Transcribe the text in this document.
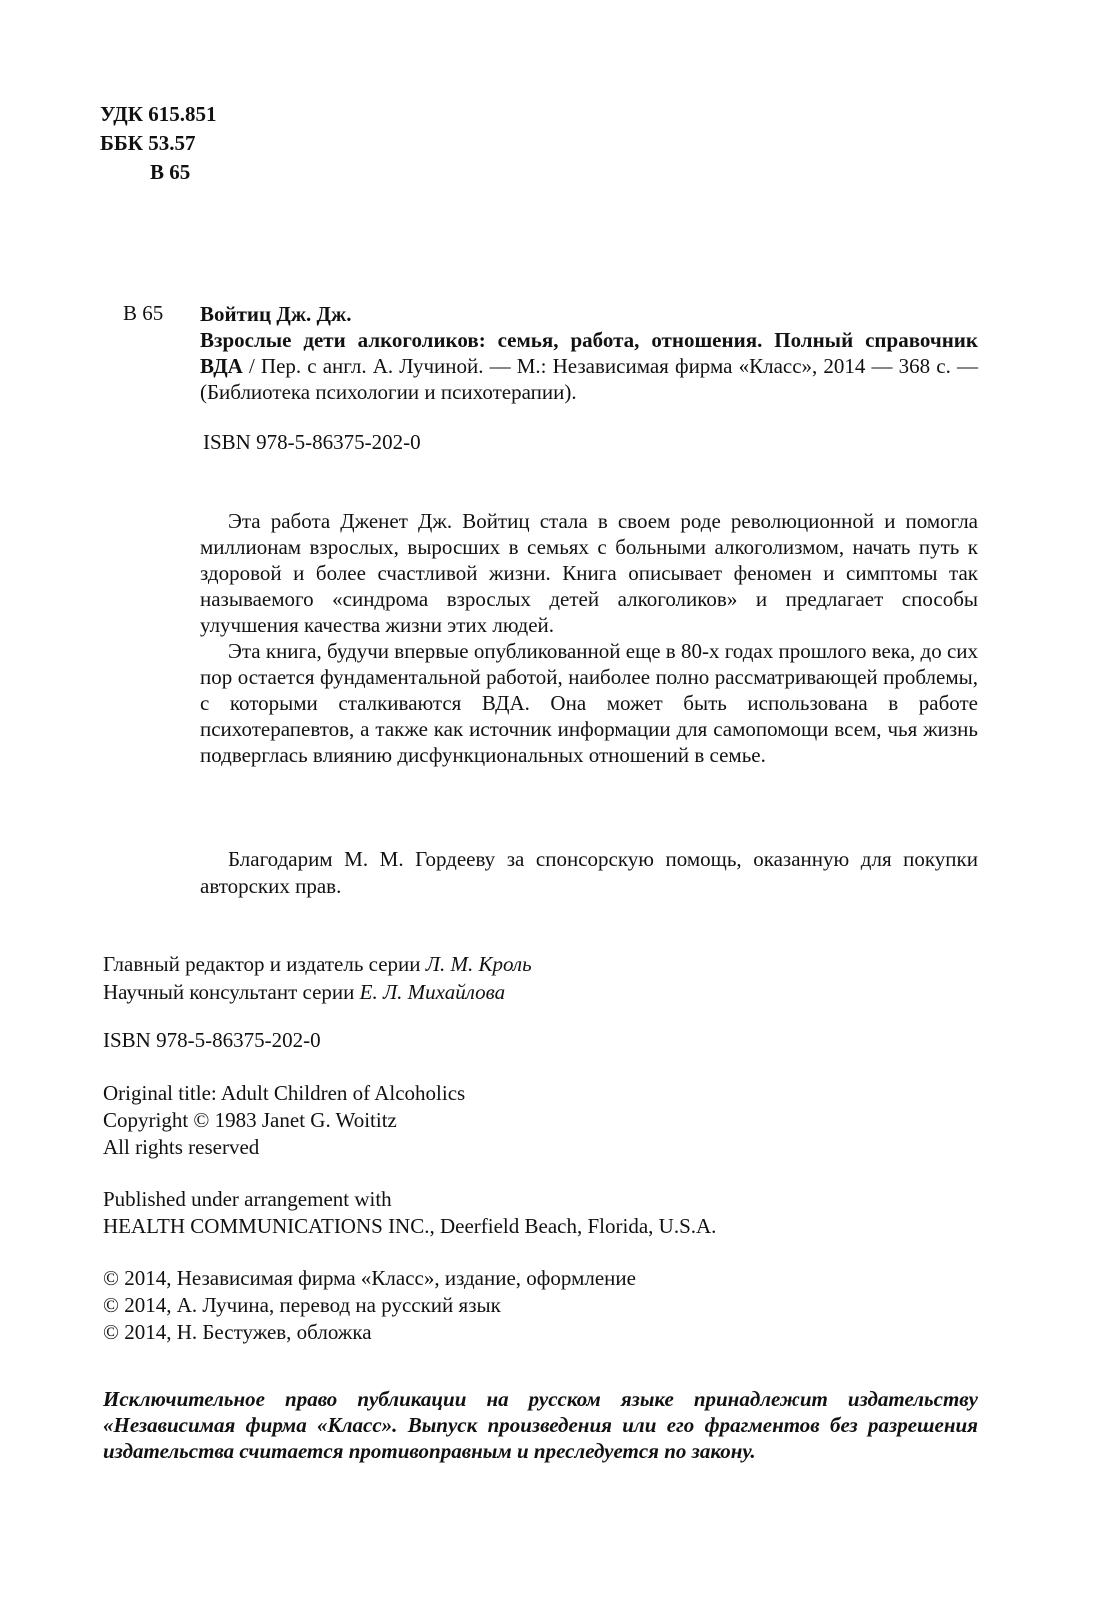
УДК 615.851
ББК 53.57
В 65
В 65 Войтиц Дж. Дж.

Взрослые дети алкоголиков: семья, работа, отношения. Полный справочник ВДА / Пер. с англ. А. Лучиной. — М.: Независимая фирма «Класс», 2014 — 368 с. — (Библиотека психологии и психотерапии).

ISBN 978-5-86375-202-0

Эта работа Дженет Дж. Войтиц стала в своем роде революционной и помогла миллионам взрослых, выросших в семьях с больными алкоголизмом, начать путь к здоровой и более счастливой жизни. Книга описывает феномен и симптомы так называемого «синдрома взрослых детей алкоголиков» и предлагает способы улучшения качества жизни этих людей.

Эта книга, будучи впервые опубликованной еще в 80-х годах прошлого века, до сих пор остается фундаментальной работой, наиболее полно рассматривающей проблемы, с которыми сталкиваются ВДА. Она может быть использована в работе психотерапевтов, а также как источник информации для самопомощи всем, чья жизнь подверглась влиянию дисфункциональных отношений в семье.

Благодарим М. М. Гордееву за спонсорскую помощь, оказанную для покупки авторских прав.

Главный редактор и издатель серии Л. М. Кроль
Научный консультант серии Е. Л. Михайлова
ISBN 978-5-86375-202-0
Original title: Adult Children of Alcoholics
Copyright © 1983 Janet G. Woititz
All rights reserved
Published under arrangement with
HEALTH COMMUNICATIONS INC., Deerfield Beach, Florida, U.S.A.
© 2014, Независимая фирма «Класс», издание, оформление
© 2014, А. Лучина, перевод на русский язык
© 2014, Н. Бестужев, обложка
Исключительное право публикации на русском языке принадлежит издательству «Независимая фирма «Класс». Выпуск произведения или его фрагментов без разрешения издательства считается противоправным и преследуется по закону.
